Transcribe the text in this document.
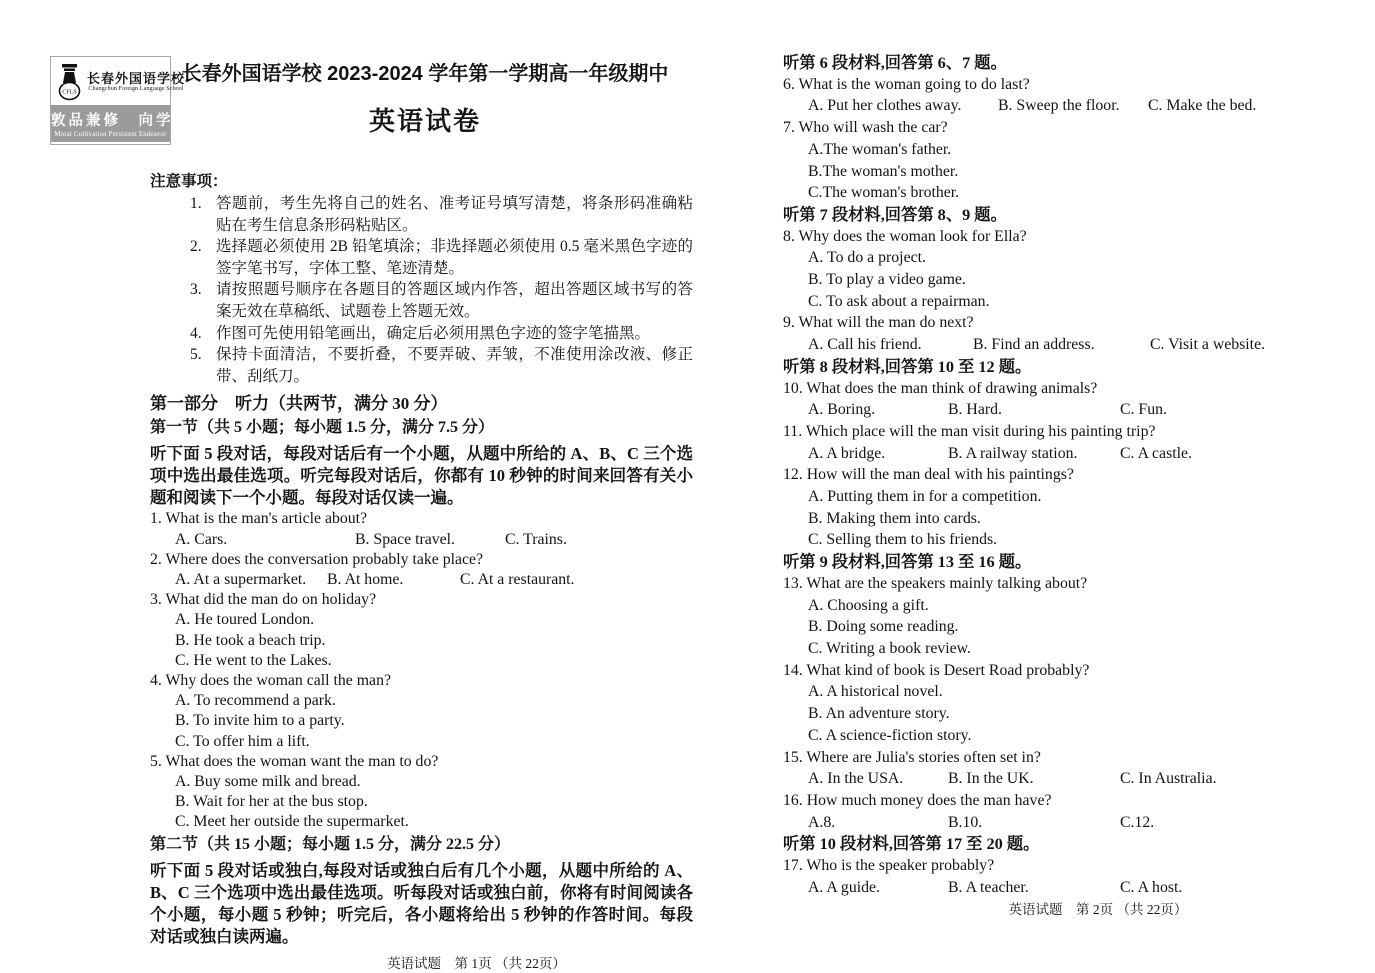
CFLS
长春外国语学校
Changchun Foreign Language School
敦品兼修　向学笃行
Moral Cultivation Persistent Endeavor
长春外国语学校 2023-2024 学年第一学期高一年级期中
英语试卷
注意事项：
1. 答题前，考生先将自己的姓名、准考证号填写清楚，将条形码准确粘贴在考生信息条形码粘贴区。
2. 选择题必须使用 2B 铅笔填涂；非选择题必须使用 0.5 毫米黑色字迹的签字笔书写，字体工整、笔迹清楚。
3. 请按照题号顺序在各题目的答题区域内作答，超出答题区域书写的答案无效在草稿纸、试题卷上答题无效。
4. 作图可先使用铅笔画出，确定后必须用黑色字迹的签字笔描黑。
5. 保持卡面清洁，不要折叠，不要弄破、弄皱，不准使用涂改液、修正带、刮纸刀。
第一部分　听力（共两节，满分 30 分）
第一节（共 5 小题；每小题 1.5 分，满分 7.5 分）
听下面 5 段对话，每段对话后有一个小题，从题中所给的 A、B、C 三个选项中选出最佳选项。听完每段对话后，你都有 10 秒钟的时间来回答有关小题和阅读下一个小题。每段对话仅读一遍。
1. What is the man's article about?
A. Cars.	B. Space travel.	C. Trains.
2. Where does the conversation probably take place?
A. At a supermarket.	B. At home.	C. At a restaurant.
3. What did the man do on holiday?
A. He toured London.
B. He took a beach trip.
C. He went to the Lakes.
4. Why does the woman call the man?
A. To recommend a park.
B. To invite him to a party.
C. To offer him a lift.
5. What does the woman want the man to do?
A. Buy some milk and bread.
B. Wait for her at the bus stop.
C. Meet her outside the supermarket.
第二节（共 15 小题；每小题 1.5 分，满分 22.5 分）
听下面 5 段对话或独白,每段对话或独白后有几个小题，从题中所给的 A、B、C 三个选项中选出最佳选项。听每段对话或独白前，你将有时间阅读各个小题，每小题 5 秒钟；听完后，各小题将给出 5 秒钟的作答时间。每段对话或独白读两遍。
英语试题　第 1页 （共 22页）
听第 6 段材料,回答第 6、7 题。
6. What is the woman going to do last?
A. Put her clothes away.	B. Sweep the floor.	C. Make the bed.
7. Who will wash the car?
A.The woman's father.
B.The woman's mother.
C.The woman's brother.
听第 7 段材料,回答第 8、9 题。
8. Why does the woman look for Ella?
A. To do a project.
B. To play a video game.
C. To ask about a repairman.
9. What will the man do next?
A. Call his friend.	B. Find an address.	C. Visit a website.
听第 8 段材料,回答第 10 至 12 题。
10. What does the man think of drawing animals?
A. Boring.	B. Hard.	C. Fun.
11. Which place will the man visit during his painting trip?
A. A bridge.	B. A railway station.	C. A castle.
12. How will the man deal with his paintings?
A. Putting them in for a competition.
B. Making them into cards.
C. Selling them to his friends.
听第 9 段材料,回答第 13 至 16 题。
13. What are the speakers mainly talking about?
A. Choosing a gift.
B. Doing some reading.
C. Writing a book review.
14. What kind of book is Desert Road probably?
A. A historical novel.
B. An adventure story.
C. A science-fiction story.
15. Where are Julia's stories often set in?
A. In the USA.	B. In the UK.	C. In Australia.
16. How much money does the man have?
A.8.	B.10.	C.12.
听第 10 段材料,回答第 17 至 20 题。
17. Who is the speaker probably?
A. A guide.	B. A teacher.	C. A host.
英语试题　第 2页 （共 22页）
